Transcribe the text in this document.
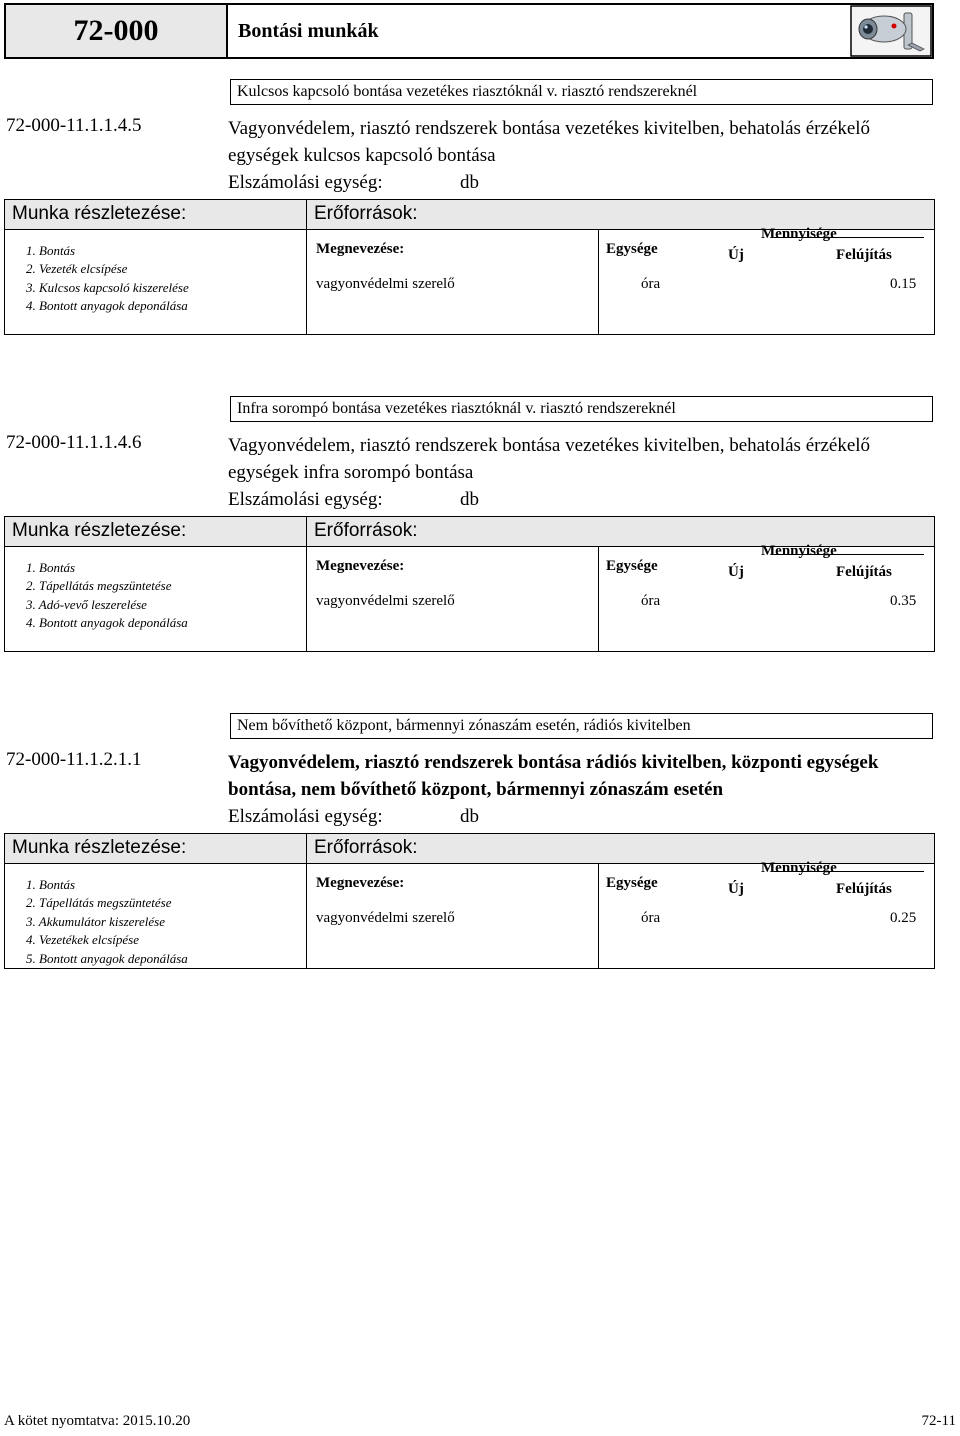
72-000	Bontási munkák
Kulcsos kapcsoló bontása vezetékes riasztóknál v. riasztó rendszereknél
72-000-11.1.1.4.5	Vagyonvédelem, riasztó rendszerek bontása vezetékes kivitelben, behatolás érzékelő egységek kulcsos kapcsoló bontása
Elszámolási egység:	db
Munka részletezése:	Erőforrások:
1. Bontás
2. Vezeték elcsípése
3. Kulcsos kapcsoló kiszerelése
4. Bontott anyagok deponálása
Megnevezése:	Egysége
Mennyisége
Új	Felújítás
vagyonvédelmi szerelő	óra	0.15
Infra sorompó bontása vezetékes riasztóknál v. riasztó rendszereknél
72-000-11.1.1.4.6	Vagyonvédelem, riasztó rendszerek bontása vezetékes kivitelben, behatolás érzékelő egységek infra sorompó bontása
Elszámolási egység:	db
Munka részletezése:	Erőforrások:
1. Bontás
2. Tápellátás megszüntetése
3. Adó-vevő leszerelése
4. Bontott anyagok deponálása
Megnevezése:	Egysége
Mennyisége
Új	Felújítás
vagyonvédelmi szerelő	óra	0.35
Nem bővíthető központ, bármennyi zónaszám esetén, rádiós kivitelben
72-000-11.1.2.1.1	Vagyonvédelem, riasztó rendszerek bontása rádiós kivitelben, központi egységek bontása, nem bővíthető központ, bármennyi zónaszám esetén
Elszámolási egység:	db
Munka részletezése:	Erőforrások:
1. Bontás
2. Tápellátás megszüntetése
3. Akkumulátor kiszerelése
4. Vezetékek elcsípése
5. Bontott anyagok deponálása
Megnevezése:	Egysége
Mennyisége
Új	Felújítás
vagyonvédelmi szerelő	óra	0.25
A kötet nyomtatva: 2015.10.20	72-11
